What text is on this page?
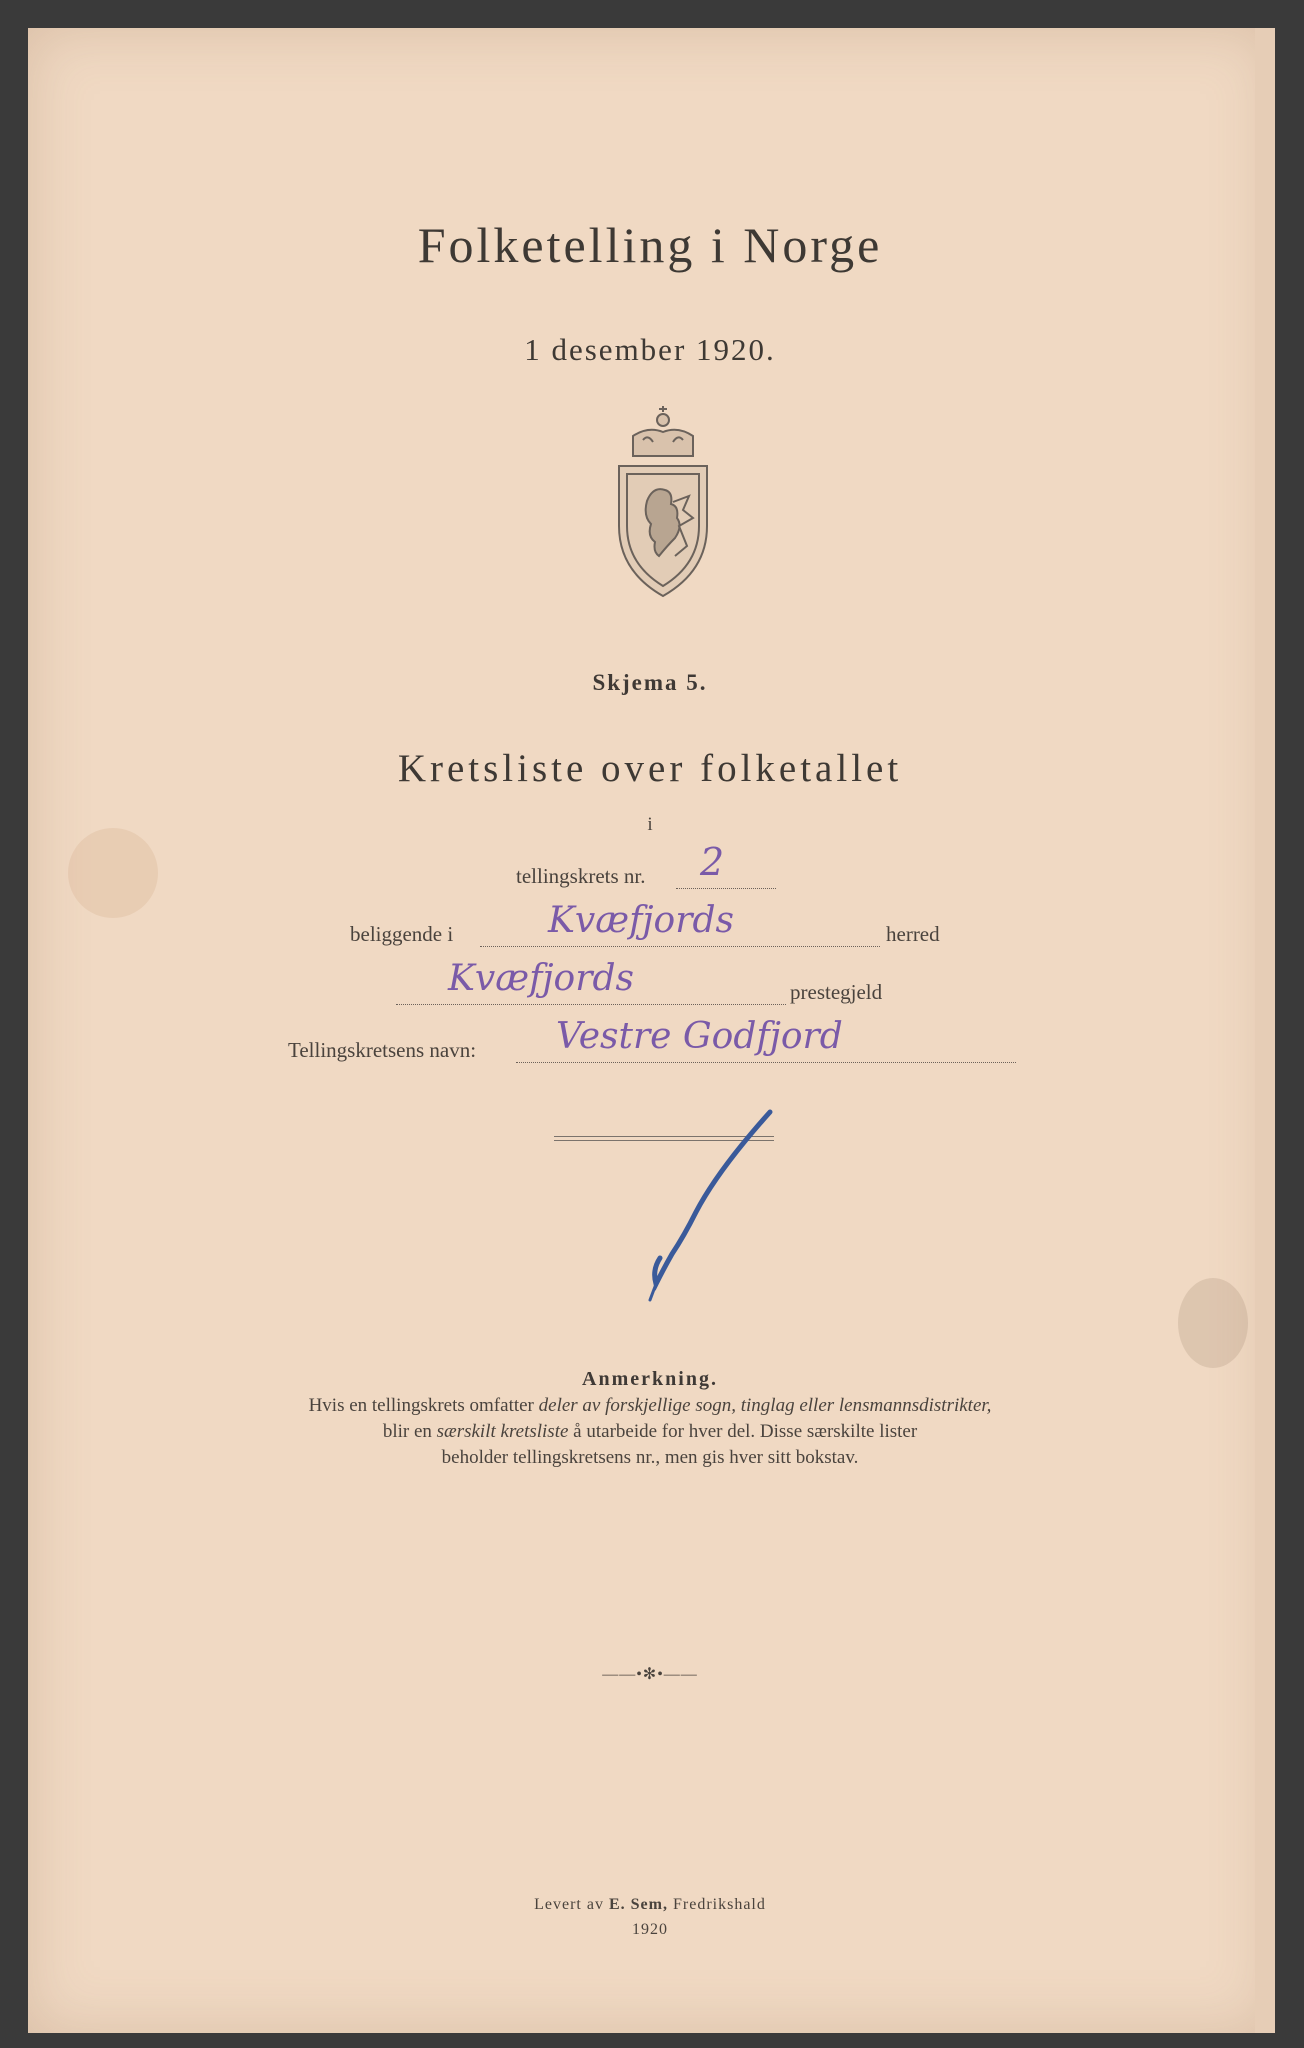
Folketelling i Norge
1 desember 1920.
Skjema 5.
Kretsliste over folketallet
i
tellingskrets nr. 2
beliggende i	Kvæfjords	herred
Kvæfjords	prestegjeld
Tellingskretsens navn: Vestre Godfjord
Anmerkning.
Hvis en tellingskrets omfatter deler av forskjellige sogn, tinglag eller lensmannsdistrikter,
blir en særskilt kretsliste å utarbeide for hver del. Disse særskilte lister
beholder tellingskretsens nr., men gis hver sitt bokstav.
——•✻•——
Levert av E. Sem, Fredrikshald
1920
